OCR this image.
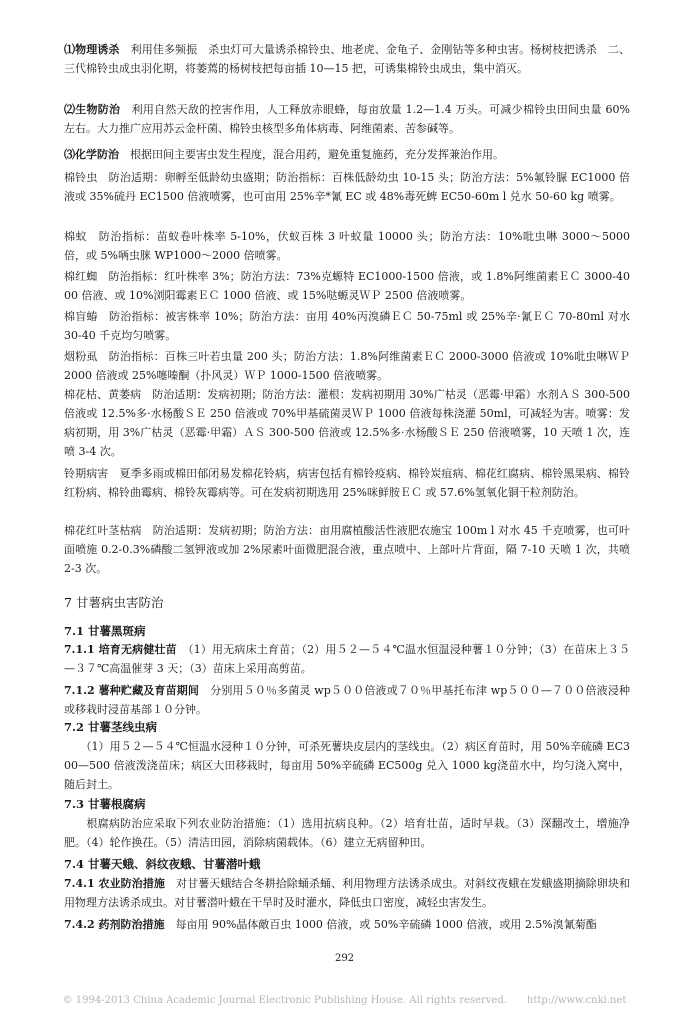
⑴物理诱杀　利用佳多频振　杀虫灯可大量诱杀棉铃虫、地老虎、金龟子、金刚钻等多种虫害。杨树枝把诱杀　二、三代棉铃虫成虫羽化期，将萎蔫的杨树枝把每亩插 10—15 把，可诱集棉铃虫成虫，集中消灭。

⑵生物防治　利用自然天敌的控害作用，人工释放赤眼蜂，每亩放量 1.2—1.4 万头。可减少棉铃虫田间虫量 60% 左右。大力推广应用苏云金杆菌、棉铃虫核型多角体病毒、阿维菌素、苦参碱等。

⑶化学防治　根据田间主要害虫发生程度，混合用药，避免重复施药，充分发挥兼治作用。

棉铃虫　防治适期：卵孵至低龄幼虫盛期；防治指标：百株低龄幼虫 10-15 头；防治方法：5%氟铃脲 EC1000 倍液或 35%硫丹 EC1500 倍液喷雾，也可亩用 25%辛*氰 EC 或 48%毒死蜱 EC50-60m l 兑水 50-60 kg 喷雾。

棉蚁　防治指标：苗蚁卷叶株率 5-10%，伏蚁百株 3 叶蚁量 10000 头；防治方法：10%吡虫啉 3000～5000 倍，或 5%唡虫脒 WP1000～2000 倍喷雾。

棉红蜘　防治指标：红叶株率 3%；防治方法：73%克螈特 EC1000-1500 倍液，或 1.8%阿维菌素ＥＣ 3000-4000 倍液、或 10%浏阳霉素ＥＣ 1000 倍液、或 15%哒螈灵ＷＰ 2500 倍液喷雾。

棉盲蝽　防治指标：被害株率 10%；防治方法：亩用 40%丙溴磷ＥＣ 50-75ml 或 25%辛·氰ＥＣ 70-80ml 对水 30-40 千克均匀喷雾。

烟粉虱　防治指标：百株三叶若虫量 200 头；防治方法：1.8%阿维菌素ＥＣ 2000-3000 倍液或 10%吡虫啉ＷＰ 2000 倍液或 25%噻嗪酮（扑风灵）ＷＰ 1000-1500 倍液喷雾。

棉花枯、黄萎病　防治适期：发病初期；防治方法：灌根：发病初期用 30%广枯灵（恶霉·甲霜）水剂ＡＳ 300-500 倍液或 12.5%多·水杨酸ＳＥ 250 倍液或 70%甲基硫菌灵ＷＰ 1000 倍液每株浇灌 50ml，可减轻为害。喷雾：发病初期，用 3%广枯灵（恶霉·甲霜）ＡＳ 300-500 倍液或 12.5%多·水杨酸ＳＥ 250 倍液喷雾，10 天喷 1 次，连喷 3-4 次。

铃期病害　夏季多雨或棉田郁闭易发棉花铃病，病害包括有棉铃疫病、棉铃炭疽病、棉花红腐病、棉铃黑果病、棉铃红粉病、棉铃曲霉病、棉铃灰霉病等。可在发病初期选用 25%咪鲜胺ＥＣ 或 57.6%氢氧化铜干粒剂防治。

棉花红叶茎枯病　防治适期：发病初期；防治方法：亩用腐植酸活性液肥农施宝 100m l 对水 45 千克喷雾，也可叶面喷施 0.2-0.3%磷酸二氢钾液或加 2%尿素叶面微肥混合液，重点喷中、上部叶片背面，隔 7-10 天喷 1 次，共喷 2-3 次。

7 甘薯病虫害防治
7.1 甘薯黑斑病

7.1.1 培育无病健壮苗　（1）用无病床土育苗；（2）用５２—５４℃温水恒温浸种薯１０分钟；（3）在苗床上３５—３７℃高温催芽 3 天；（3）苗床上采用高剪苗。

7.1.2 薯种贮藏及育苗期间　分别用５０％多菌灵 wp５００倍液或７０％甲基托布津 wp５００—７００倍液浸种或移栽时浸苗基部１０分钟。

7.2 甘薯茎线虫病

　　（1）用５２—５４℃恒温水浸种１０分钟，可杀死薯块皮层内的茎线虫。（2）病区育苗时，用 50%辛硫磷 EC300—500 倍液泼浇苗床；病区大田移栽时，每亩用 50%辛硫磷 EC500g 兑入 1000 kg浇苗水中，均匀浇入窝中，随后封土。

7.3 甘薯根腐病

　　根腐病防治应采取下列农业防治措施：（1）选用抗病良种。（2）培育壮苗，适时早栽。（3）深翻改土，增施净肥。（4）轮作换茌。（5）清洁田园，消除病菌载体。（6）建立无病留种田。

7.4 甘薯天蛾、斜纹夜蛾、甘薯潜叶蛾

7.4.1 农业防治措施　对甘薯天蛾结合冬耕拾除蛹杀蛹、利用物理方法诱杀成虫。对斜纹夜蛾在发蛾盛期摘除卵块和用物理方法诱杀成虫。对甘薯潜叶蛾在干旱时及时灌水，降低虫口密度，减轻虫害发生。

7.4.2 药剂防治措施　每亩用 90%晶体敵百虫 1000 倍液，或 50%辛硫磷 1000 倍液，或用 2.5%溴氰菊酯

292
© 1994-2013 China Academic Journal Electronic Publishing House. All rights reserved.　　http://www.cnki.net
